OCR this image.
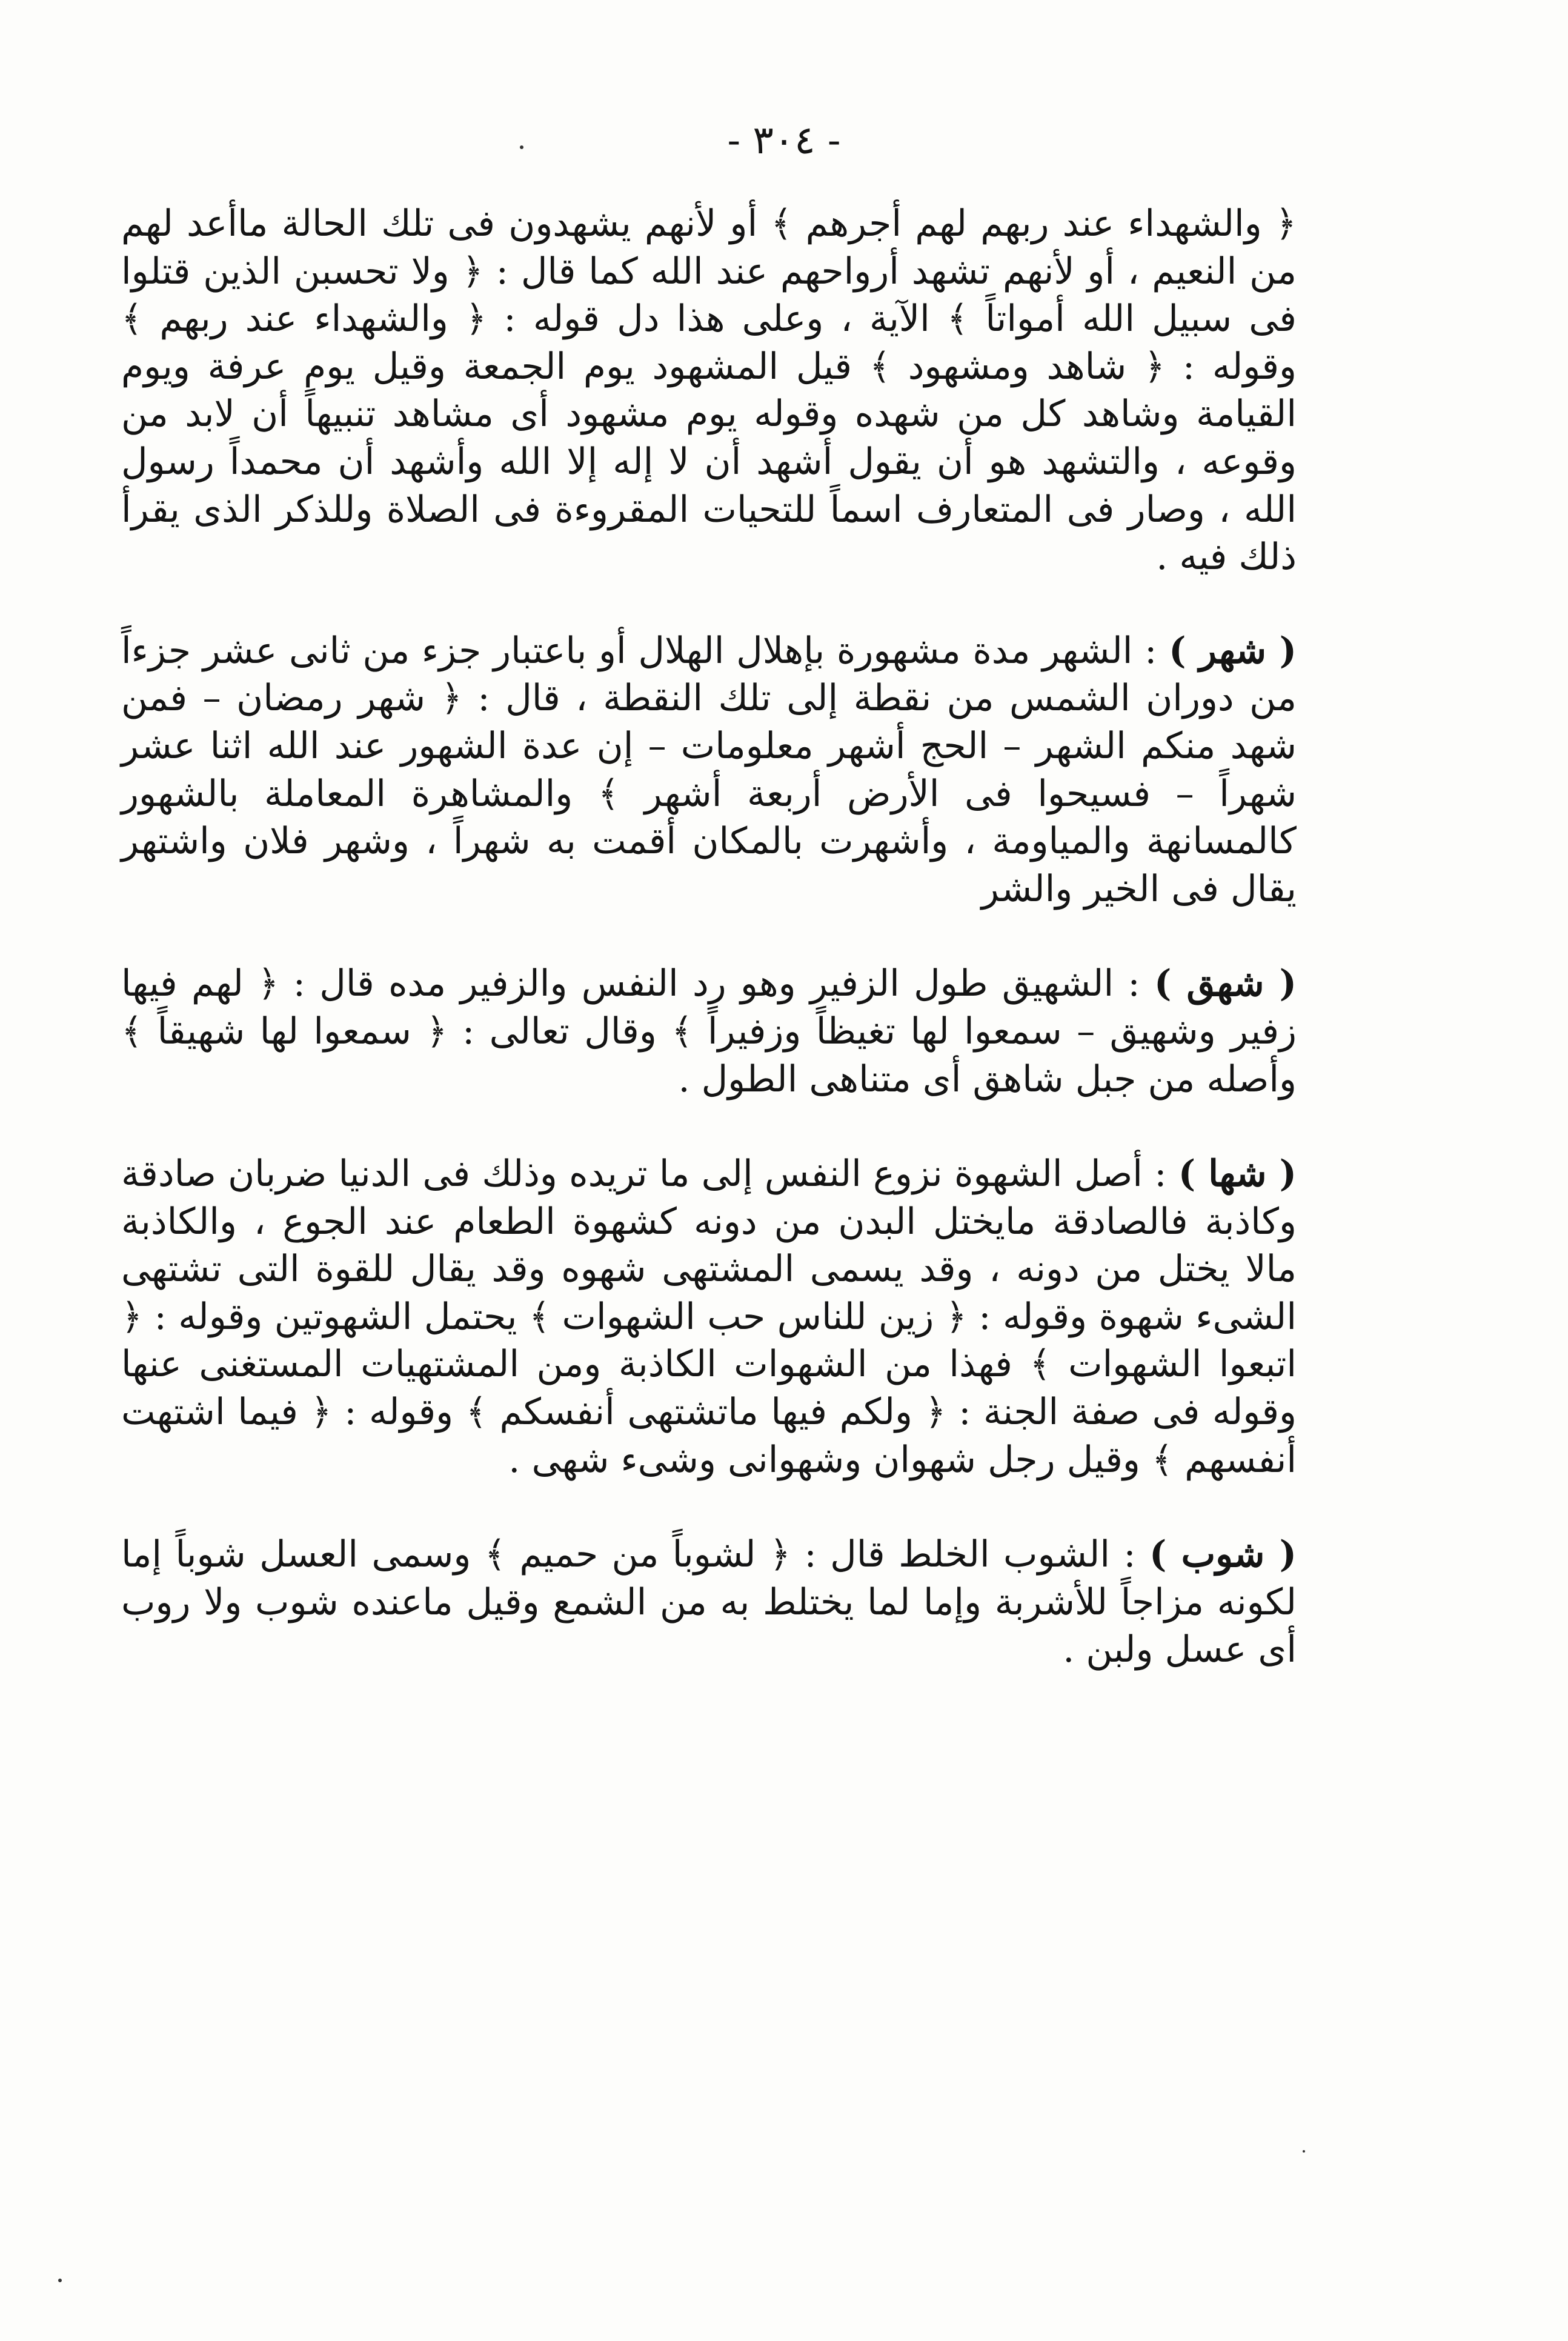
- ٣٠٤ -

﴿ والشهداء عند ربهم لهم أجرهم ﴾ أو لأنهم يشهدون فى تلك الحالة ماأعد لهم من النعيم ، أو لأنهم تشهد أرواحهم عند الله كما قال : ﴿ ولا تحسبن الذين قتلوا فى سبيل الله أمواتاً ﴾ الآية ، وعلى هذا دل قوله : ﴿ والشهداء عند ربهم ﴾ وقوله : ﴿ شاهد ومشهود ﴾ قيل المشهود يوم الجمعة وقيل يوم عرفة ويوم القيامة وشاهد كل من شهده وقوله يوم مشهود أى مشاهد تنبيهاً أن لابد من وقوعه ، والتشهد هو أن يقول أشهد أن لا إله إلا الله وأشهد أن محمداً رسول الله ، وصار فى المتعارف اسماً للتحيات المقروءة فى الصلاة وللذكر الذى يقرأ ذلك فيه .

( شهر ) : الشهر مدة مشهورة بإهلال الهلال أو باعتبار جزء من ثانى عشر جزءاً من دوران الشمس من نقطة إلى تلك النقطة ، قال : ﴿ شهر رمضان – فمن شهد منكم الشهر – الحج أشهر معلومات – إن عدة الشهور عند الله اثنا عشر شهراً – فسيحوا فى الأرض أربعة أشهر ﴾ والمشاهرة المعاملة بالشهور كالمسانهة والمياومة ، وأشهرت بالمكان أقمت به شهراً ، وشهر فلان واشتهر يقال فى الخير والشر

( شهق ) : الشهيق طول الزفير وهو رد النفس والزفير مده قال : ﴿ لهم فيها زفير وشهيق – سمعوا لها تغيظاً وزفيراً ﴾ وقال تعالى : ﴿ سمعوا لها شهيقاً ﴾ وأصله من جبل شاهق أى متناهى الطول .

( شها ) : أصل الشهوة نزوع النفس إلى ما تريده وذلك فى الدنيا ضربان صادقة وكاذبة فالصادقة مايختل البدن من دونه كشهوة الطعام عند الجوع ، والكاذبة مالا يختل من دونه ، وقد يسمى المشتهى شهوه وقد يقال للقوة التى تشتهى الشىء شهوة وقوله : ﴿ زين للناس حب الشهوات ﴾ يحتمل الشهوتين وقوله : ﴿ اتبعوا الشهوات ﴾ فهذا من الشهوات الكاذبة ومن المشتهيات المستغنى عنها وقوله فى صفة الجنة : ﴿ ولكم فيها ماتشتهى أنفسكم ﴾ وقوله : ﴿ فيما اشتهت أنفسهم ﴾ وقيل رجل شهوان وشهوانى وشىء شهى .

( شوب ) : الشوب الخلط قال : ﴿ لشوباً من حميم ﴾ وسمى العسل شوباً إما لكونه مزاجاً للأشربة وإما لما يختلط به من الشمع وقيل ماعنده شوب ولا روب أى عسل ولبن .
